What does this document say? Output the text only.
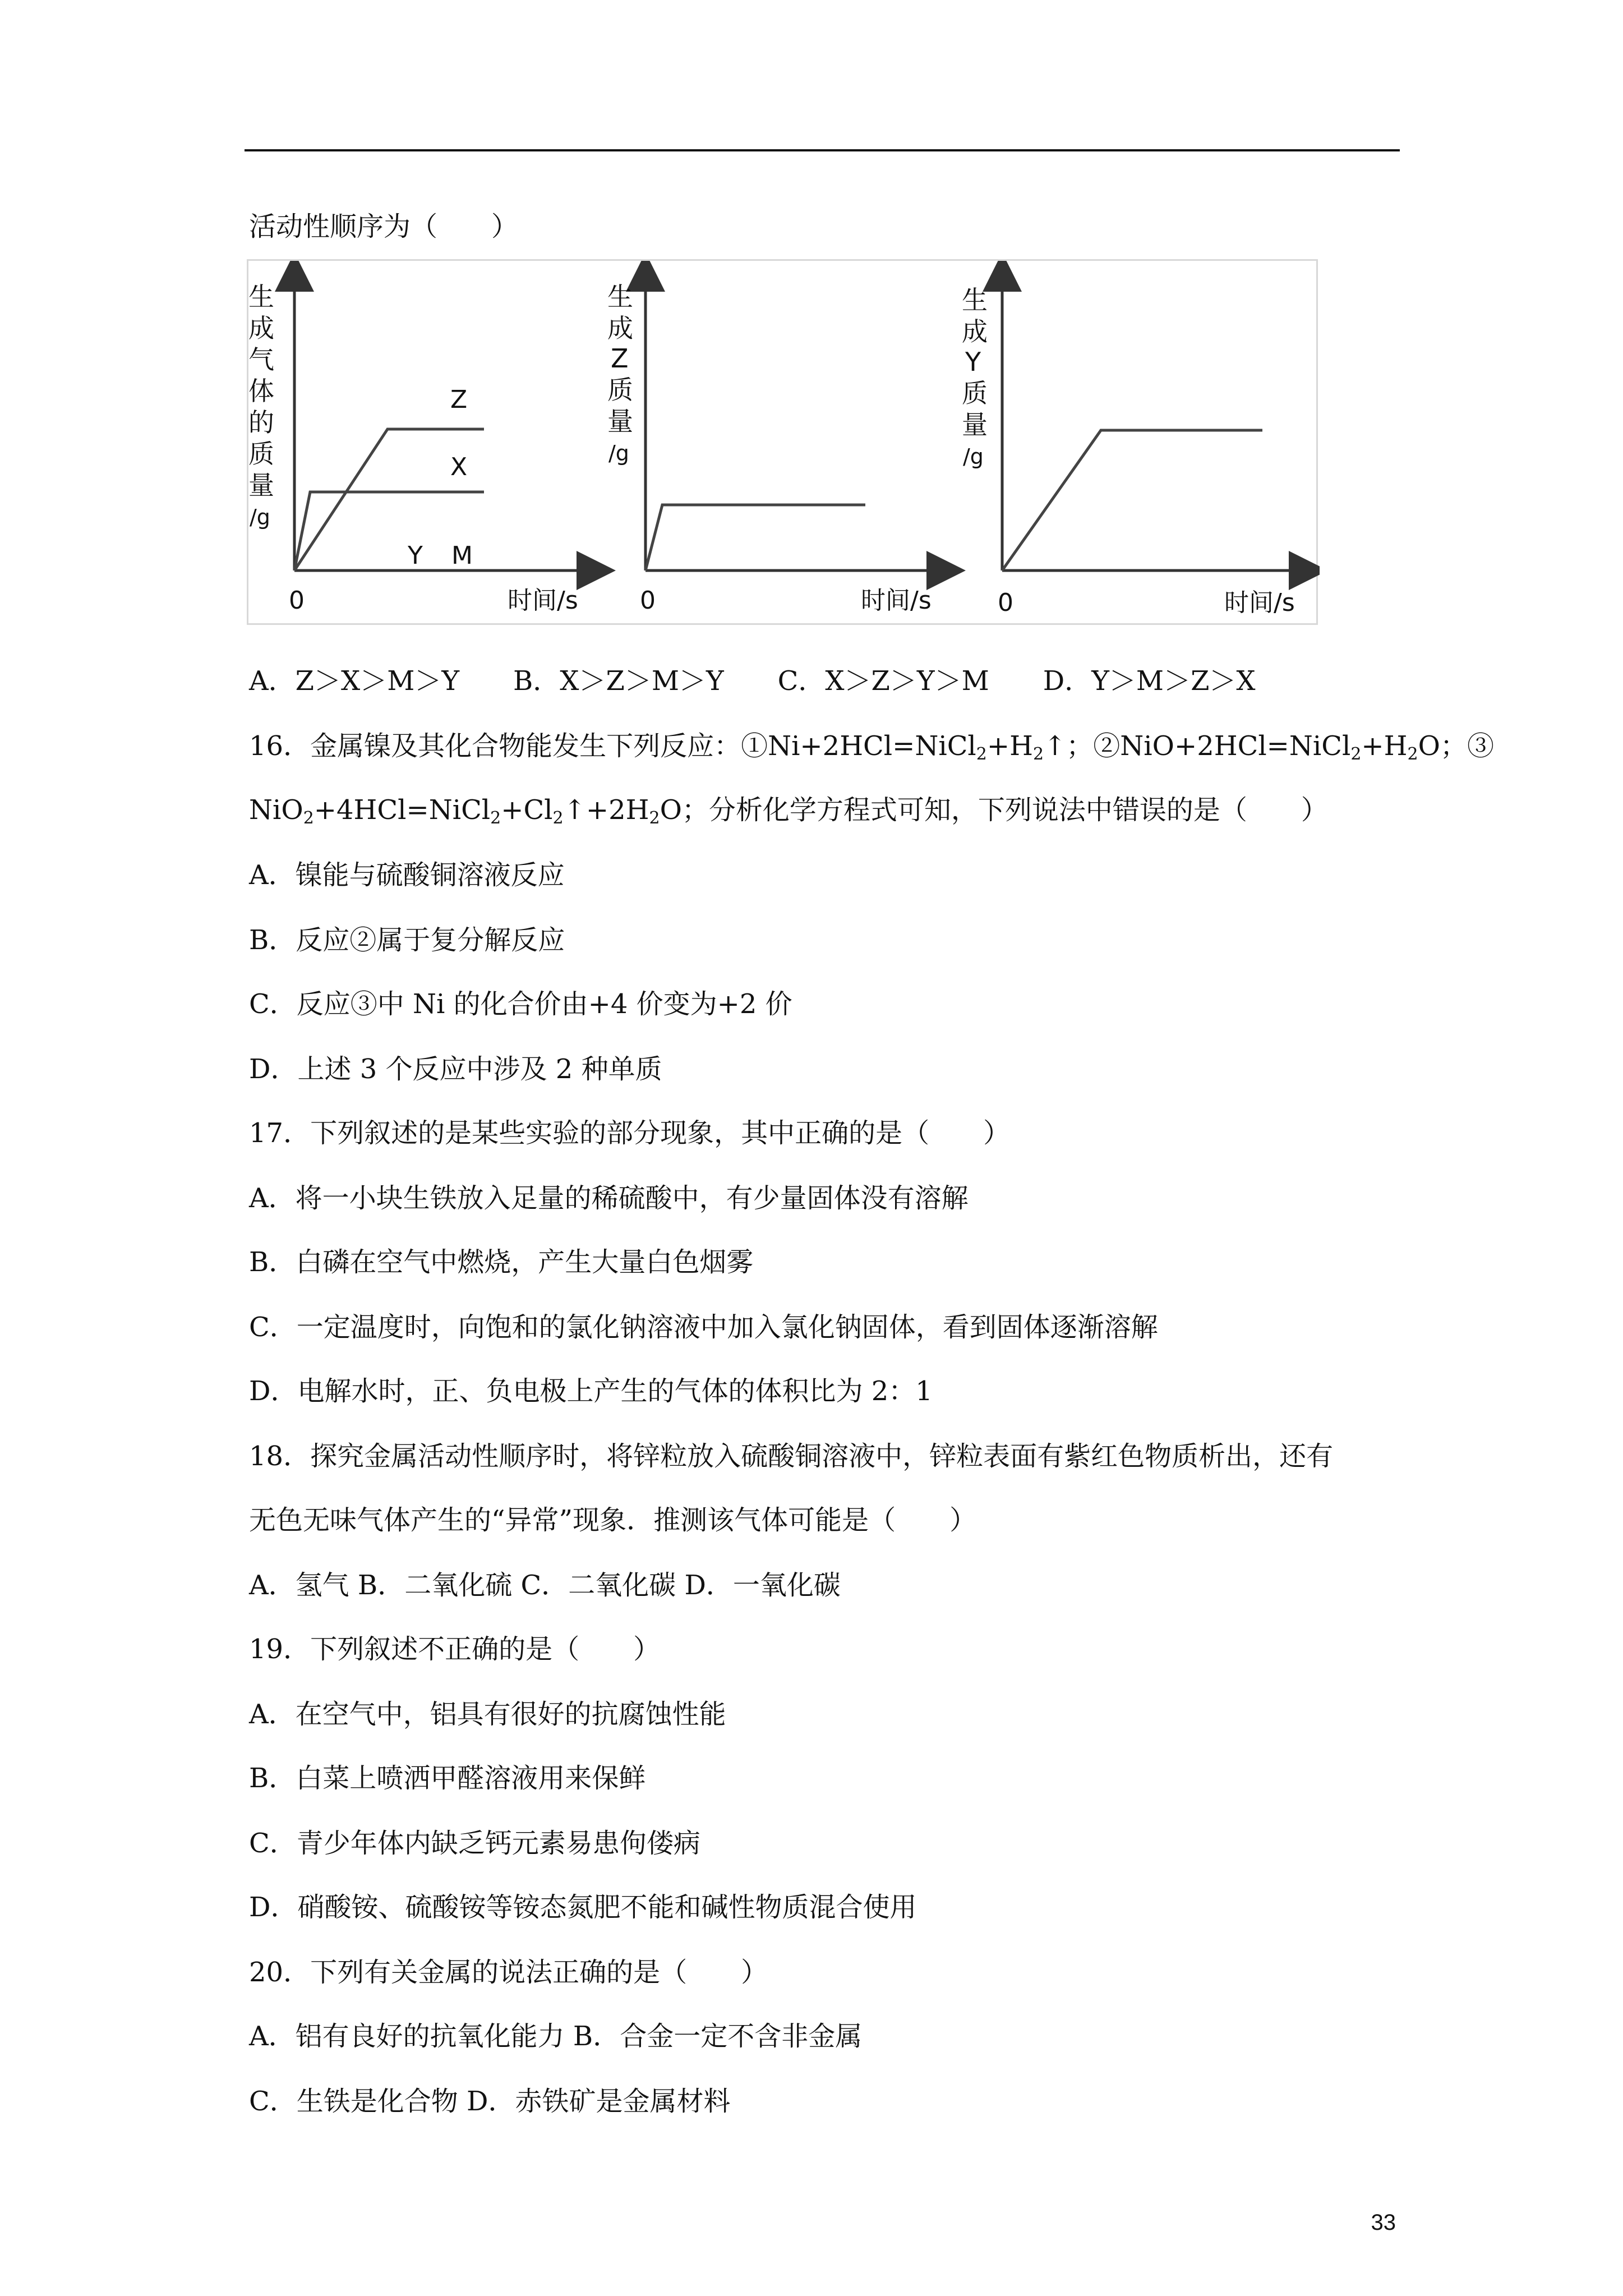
活动性顺序为（　　）
生
成
气
体
的
质
量
/g
Z
X
Y M
0	时间/s
生
成
Z
质
量
/g
0	时间/s
生
成
Y
质
量
/g
0	时间/s
A．Z＞X＞M＞Y　　B．X＞Z＞M＞Y　　C．X＞Z＞Y＞M　　D．Y＞M＞Z＞X
16．金属镍及其化合物能发生下列反应：$①Ni+2HCl=NiCl_2+H_2↑$；$②NiO+2HCl=NiCl_2+H_2O$；③
$NiO_2+4HCl=NiCl_2+Cl_2↑+2H_2O$；分析化学方程式可知，下列说法中错误的是（　　）
A．镍能与硫酸铜溶液反应
B．反应②属于复分解反应
C．反应③中 Ni 的化合价由+4 价变为+2 价
D．上述 3 个反应中涉及 2 种单质
17．下列叙述的是某些实验的部分现象，其中正确的是（　　）
A．将一小块生铁放入足量的稀硫酸中，有少量固体没有溶解
B．白磷在空气中燃烧，产生大量白色烟雾
C．一定温度时，向饱和的氯化钠溶液中加入氯化钠固体，看到固体逐渐溶解
D．电解水时，正、负电极上产生的气体的体积比为 2：1
18．探究金属活动性顺序时，将锌粒放入硫酸铜溶液中，锌粒表面有紫红色物质析出，还有
无色无味气体产生的“异常”现象．推测该气体可能是（　　）
A．氢气 B．二氧化硫 C．二氧化碳 D．一氧化碳
19．下列叙述不正确的是（　　）
A．在空气中，铝具有很好的抗腐蚀性能
B．白菜上喷洒甲醛溶液用来保鲜
C．青少年体内缺乏钙元素易患佝偻病
D．硝酸铵、硫酸铵等铵态氮肥不能和碱性物质混合使用
20．下列有关金属的说法正确的是（　　）
A．铝有良好的抗氧化能力 B．合金一定不含非金属
C．生铁是化合物 D．赤铁矿是金属材料
33
